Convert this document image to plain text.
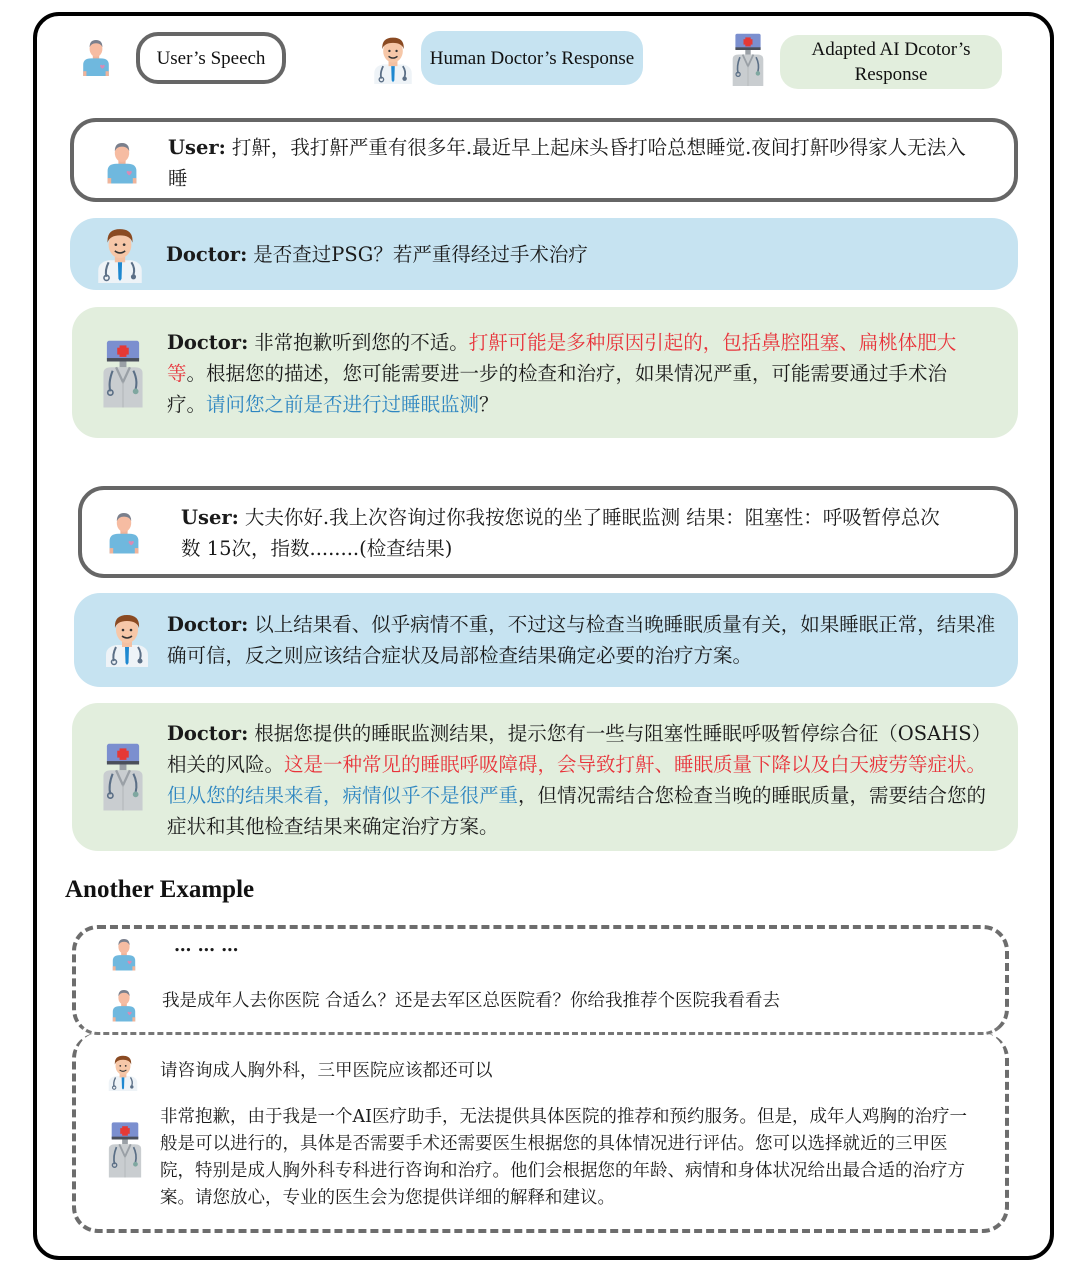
User’s Speech	Human Doctor’s Response	Adapted AI Dcotor’s Response
User: 打鼾，我打鼾严重有很多年.最近早上起床头昏打哈总想睡觉.夜间打鼾吵得家人无法入睡
Doctor: 是否查过PSG？若严重得经过手术治疗
Doctor: 非常抱歉听到您的不适。打鼾可能是多种原因引起的，包括鼻腔阻塞、扁桃体肥大等。根据您的描述，您可能需要进一步的检查和治疗，如果情况严重，可能需要通过手术治疗。请问您之前是否进行过睡眠监测？
User: 大夫你好.我上次咨询过你我按您说的坐了睡眠监测 结果：阻塞性：呼吸暂停总次数 15次，指数........(检查结果)
Doctor: 以上结果看、似乎病情不重，不过这与检查当晚睡眠质量有关，如果睡眠正常，结果准确可信，反之则应该结合症状及局部检查结果确定必要的治疗方案。
Doctor: 根据您提供的睡眠监测结果，提示您有一些与阻塞性睡眠呼吸暂停综合征（OSAHS）相关的风险。这是一种常见的睡眠呼吸障碍，会导致打鼾、睡眠质量下降以及白天疲劳等症状。但从您的结果来看，病情似乎不是很严重，但情况需结合您检查当晚的睡眠质量，需要结合您的症状和其他检查结果来确定治疗方案。
Another Example
… … …
我是成年人去你医院 合适么？还是去军区总医院看？你给我推荐个医院我看看去
请咨询成人胸外科，三甲医院应该都还可以
非常抱歉，由于我是一个AI医疗助手，无法提供具体医院的推荐和预约服务。但是，成年人鸡胸的治疗一般是可以进行的，具体是否需要手术还需要医生根据您的具体情况进行评估。您可以选择就近的三甲医院，特别是成人胸外科专科进行咨询和治疗。他们会根据您的年龄、病情和身体状况给出最合适的治疗方案。请您放心，专业的医生会为您提供详细的解释和建议。
